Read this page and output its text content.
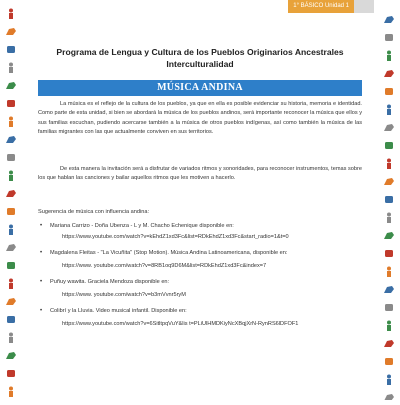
1° BÁSICO Unidad 1
Programa de Lengua y Cultura de los Pueblos Originarios Ancestrales
Interculturalidad
MÚSICA ANDINA

La música es el reflejo de la cultura de los pueblos, ya que en ella es posible evidenciar su historia, memoria e identidad. Como parte de esta unidad, si bien se abordará la música de los pueblos andinos, será importante reconocer la música que ellos y sus familias escuchan, pudiendo acercarse también a la música de otros pueblos indígenas, así como también la música de las familias migrantes con las que actualmente conviven en sus territorios.

De esta manera la invitación será a disfrutar de variados ritmos y sonoridades, para reconocer instrumentos, temas sobre los que hablan las canciones y bailar aquellos ritmos que les motiven a hacerlo.

Sugerencia de música con influencia andina:
• Mariana Carrizo - Doña Ubenza - L y M. Chacho Echenique disponible en:
https://www.youtube.com/watch?v=kEhdZ1xd3Fc&list=RDkEhdZ1xd3Fc&start_radio=1&t=0
• Magdalena Fleitas - "La Vicuñita" (Stop Motion). Música Andina Latinoamericana, disponible en:
https://www. youtube.com/watch?v=8RB1oq9D6M&list=RDkEhdZ1xd3Fc&index=7
• Puñuy wawita. Graciela Mendoza disponible en:
https://www. youtube.com/watch?v=b3mVvnr5ryM
• Colibrí y la Lluvia. Video musical infantil. Disponible en:
https://www.youtube.com/watch?v=6SitltpqVuY&lis t=PLiUlHMDKiyNcXBqjXrN-RynRS6lDFOF1
